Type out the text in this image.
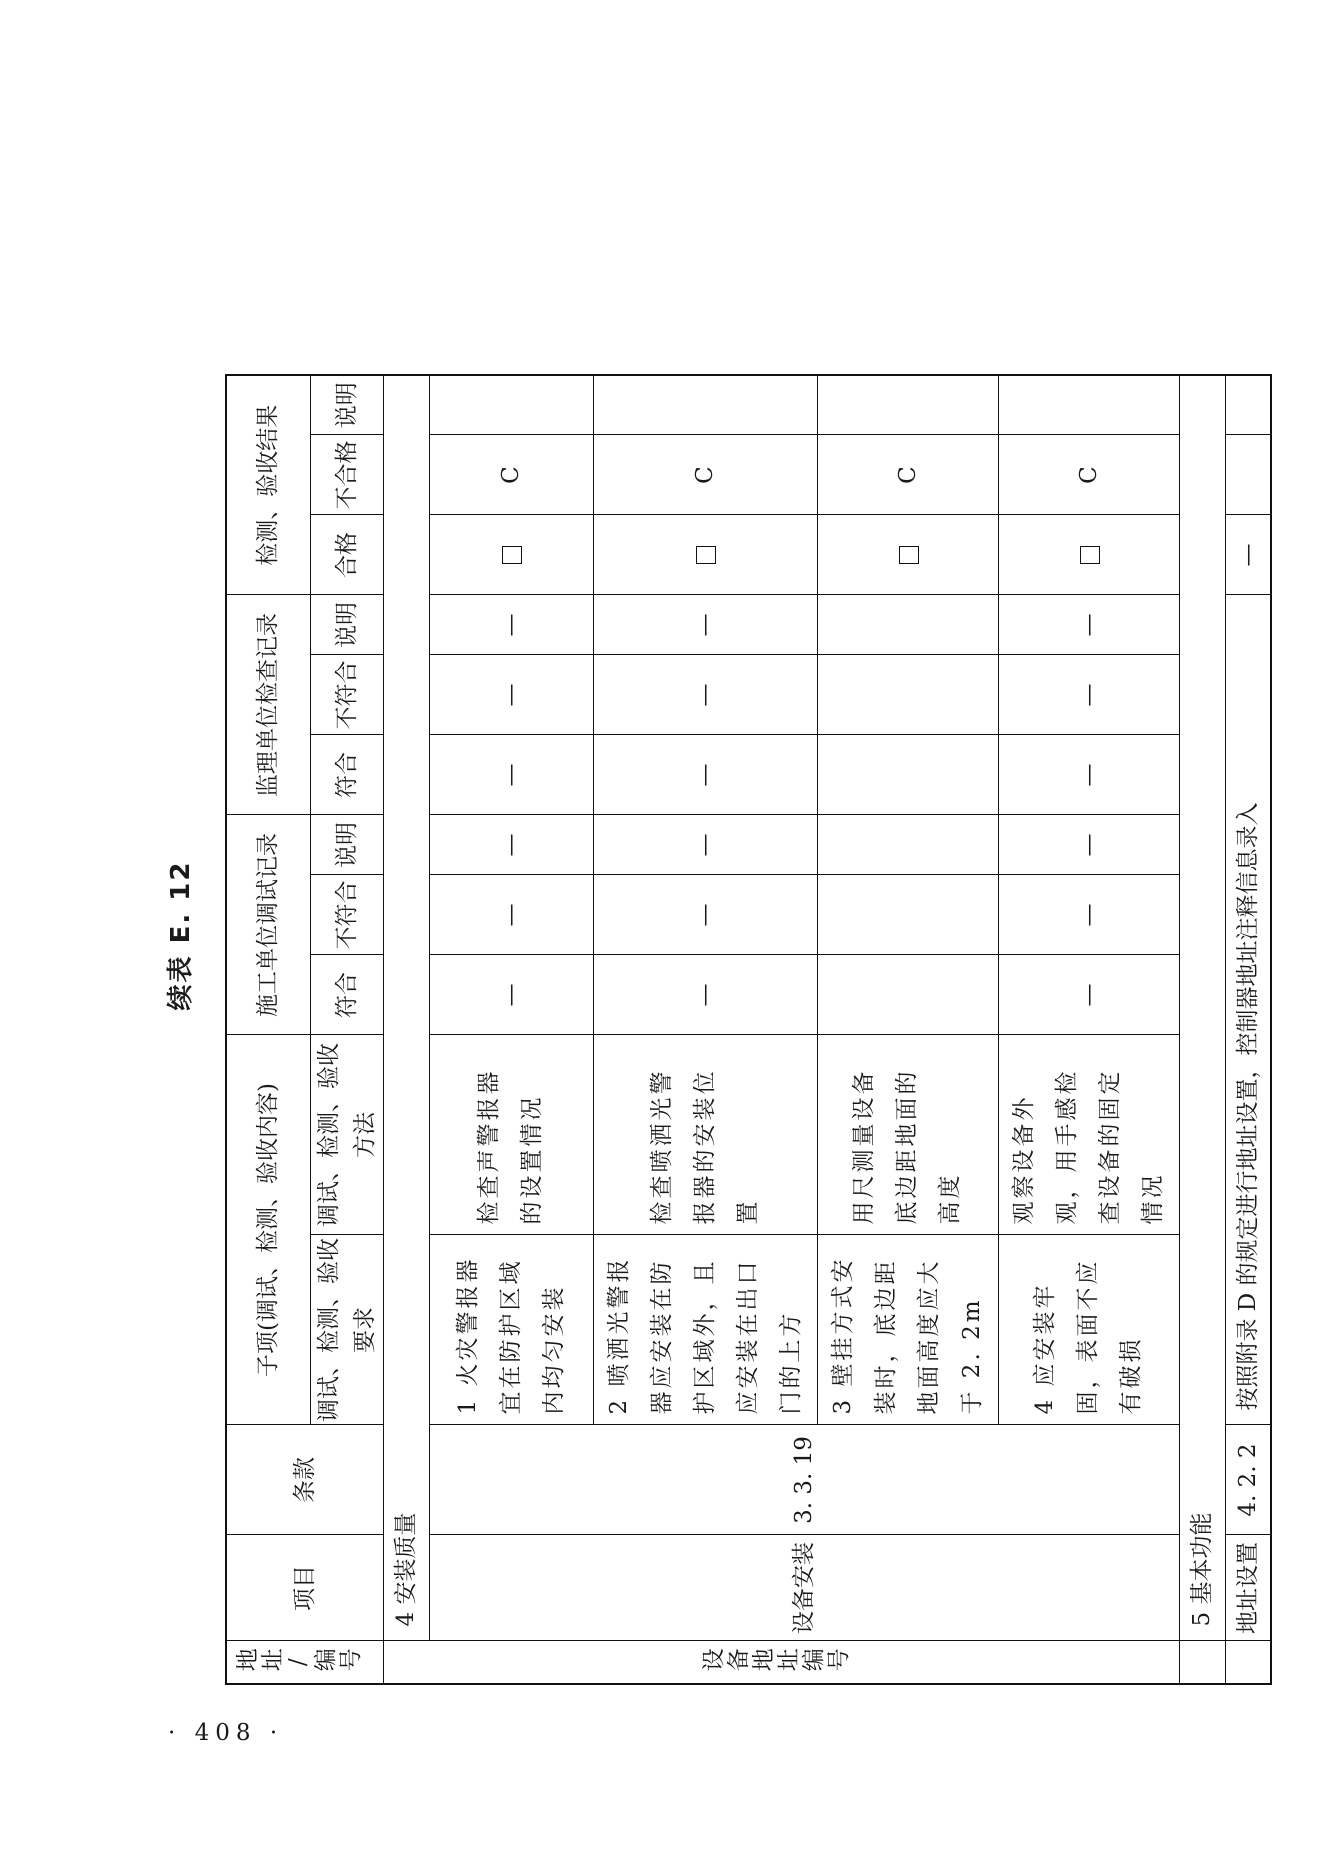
续表 E. 12
地址/编号	项目	条款	子项(调试、检测、验收内容)		施工单位调试记录			监理单位检查记录			检测、验收结果		
			调试、检测、验收要求	调试、检测、验收方法	符合	不符合	说明	符合	不符合	说明	合格	不合格	说明
设备地址编号	4 安装质量												
	设备安装	3. 3. 19	1 火灾警报器宜在防护区域内均匀安装	检查声警报器的设置情况	—	—	—	—	—	—		C	
			2 喷洒光警报器应安装在防护区域外，且应安装在出口门的上方	检查喷洒光警报器的安装位置	—	—	—	—	—	—		C	
			3 壁挂方式安装时，底边距地面高度应大于 2. 2m	用尺测量设备底边距地面的高度								C	
			4 应安装牢固，表面不应有破损	观察设备外观，用手感检查设备的固定情况	—	—	—	—	—	—		C	
	5 基本功能												
	地址设置	4. 2. 2	按照附录 D 的规定进行地址设置，控制器地址注释信息录入								—		
· 408 ·
